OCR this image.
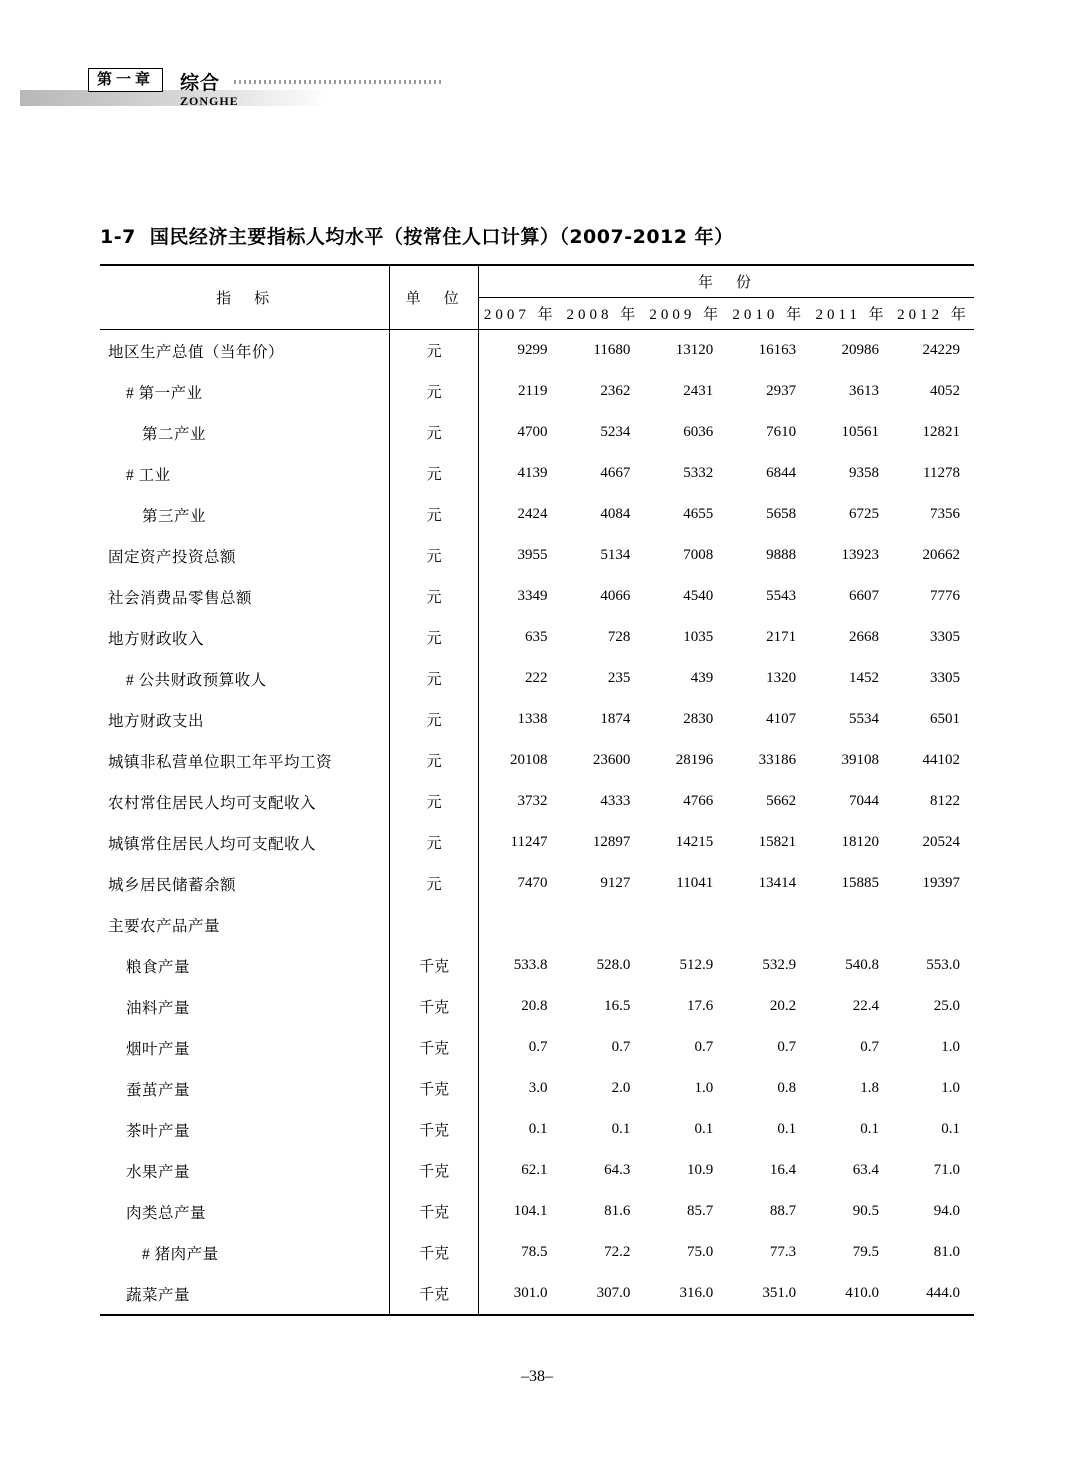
第一章	综合
ZONGHE
1-7 国民经济主要指标人均水平（按常住人口计算）（2007-2012 年）

指　标	单　位	年　份					
		2007 年	2008 年	2009 年	2010 年	2011 年	2012 年

地区生产总值（当年价）	元	9299	11680	13120	16163	20986	24229
# 第一产业	元	2119	2362	2431	2937	3613	4052
第二产业	元	4700	5234	6036	7610	10561	12821
# 工业	元	4139	4667	5332	6844	9358	11278
第三产业	元	2424	4084	4655	5658	6725	7356
固定资产投资总额	元	3955	5134	7008	9888	13923	20662
社会消费品零售总额	元	3349	4066	4540	5543	6607	7776
地方财政收入	元	635	728	1035	2171	2668	3305
# 公共财政预算收人	元	222	235	439	1320	1452	3305
地方财政支出	元	1338	1874	2830	4107	5534	6501
城镇非私营单位职工年平均工资	元	20108	23600	28196	33186	39108	44102
农村常住居民人均可支配收入	元	3732	4333	4766	5662	7044	8122
城镇常住居民人均可支配收人	元	11247	12897	14215	15821	18120	20524
城乡居民储蓄余额	元	7470	9127	11041	13414	15885	19397
主要农产品产量							
粮食产量	千克	533.8	528.0	512.9	532.9	540.8	553.0
油料产量	千克	20.8	16.5	17.6	20.2	22.4	25.0
烟叶产量	千克	0.7	0.7	0.7	0.7	0.7	1.0
蚕茧产量	千克	3.0	2.0	1.0	0.8	1.8	1.0
茶叶产量	千克	0.1	0.1	0.1	0.1	0.1	0.1
水果产量	千克	62.1	64.3	10.9	16.4	63.4	71.0
肉类总产量	千克	104.1	81.6	85.7	88.7	90.5	94.0
# 猪肉产量	千克	78.5	72.2	75.0	77.3	79.5	81.0
蔬菜产量	千克	301.0	307.0	316.0	351.0	410.0	444.0

–38–
